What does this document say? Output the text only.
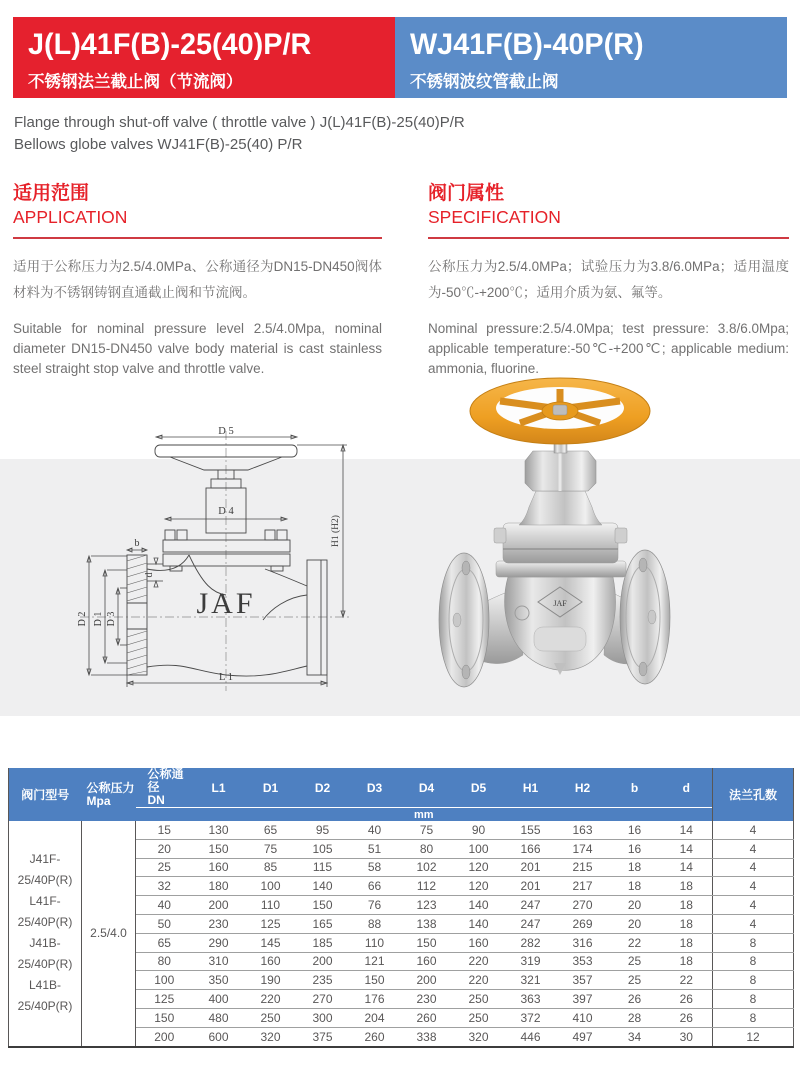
J(L)41F(B)-25(40)P/R
不锈钢法兰截止阀（节流阀）
WJ41F(B)-40P(R)
不锈钢波纹管截止阀
Flange through shut-off valve ( throttle valve ) J(L)41F(B)-25(40)P/R
Bellows globe valves WJ41F(B)-25(40) P/R
适用范围
APPLICATION
适用于公称压力为2.5/4.0MPa、公称通径为DN15-DN450阀体材料为不锈钢铸钢直通截止阀和节流阀。
Suitable for nominal pressure level 2.5/4.0Mpa, nominal diameter DN15-DN450 valve body material is cast stainless steel straight stop valve and throttle valve.
阀门属性
SPECIFICATION
公称压力为2.5/4.0MPa；试验压力为3.8/6.0MPa；适用温度为-50℃-+200℃；适用介质为氨、氟等。
Nominal pressure:2.5/4.0Mpa; test pressure: 3.8/6.0Mpa; applicable temperature:-50℃-+200℃; applicable medium: ammonia, fluorine.
D 5
D 4
H1 (H2)
b
d
D 2 D 1 D 3
L 1
JAF	JAF
阀门型号	
公称压力
Mpa

公称通径
DN
	L1	D1	D2	D3	D4	D5	H1	H2	b	d	法兰孔数
		mm											

J41F- 25/40P(R)
L41F- 25/40P(R)
J41B- 25/40P(R)
L41B- 25/40P(R)	2.5/4.0	15	130	65	95	40	75	90	155	163	16	14	4
		20	150	75	105	51	80	100	166	174	16	14	4
		25	160	85	115	58	102	120	201	215	18	14	4
		32	180	100	140	66	112	120	201	217	18	18	4
		40	200	110	150	76	123	140	247	270	20	18	4
		50	230	125	165	88	138	140	247	269	20	18	4
		65	290	145	185	110	150	160	282	316	22	18	8
		80	310	160	200	121	160	220	319	353	25	18	8
		100	350	190	235	150	200	220	321	357	25	22	8
		125	400	220	270	176	230	250	363	397	26	26	8
		150	480	250	300	204	260	250	372	410	28	26	8
		200	600	320	375	260	338	320	446	497	34	30	12
